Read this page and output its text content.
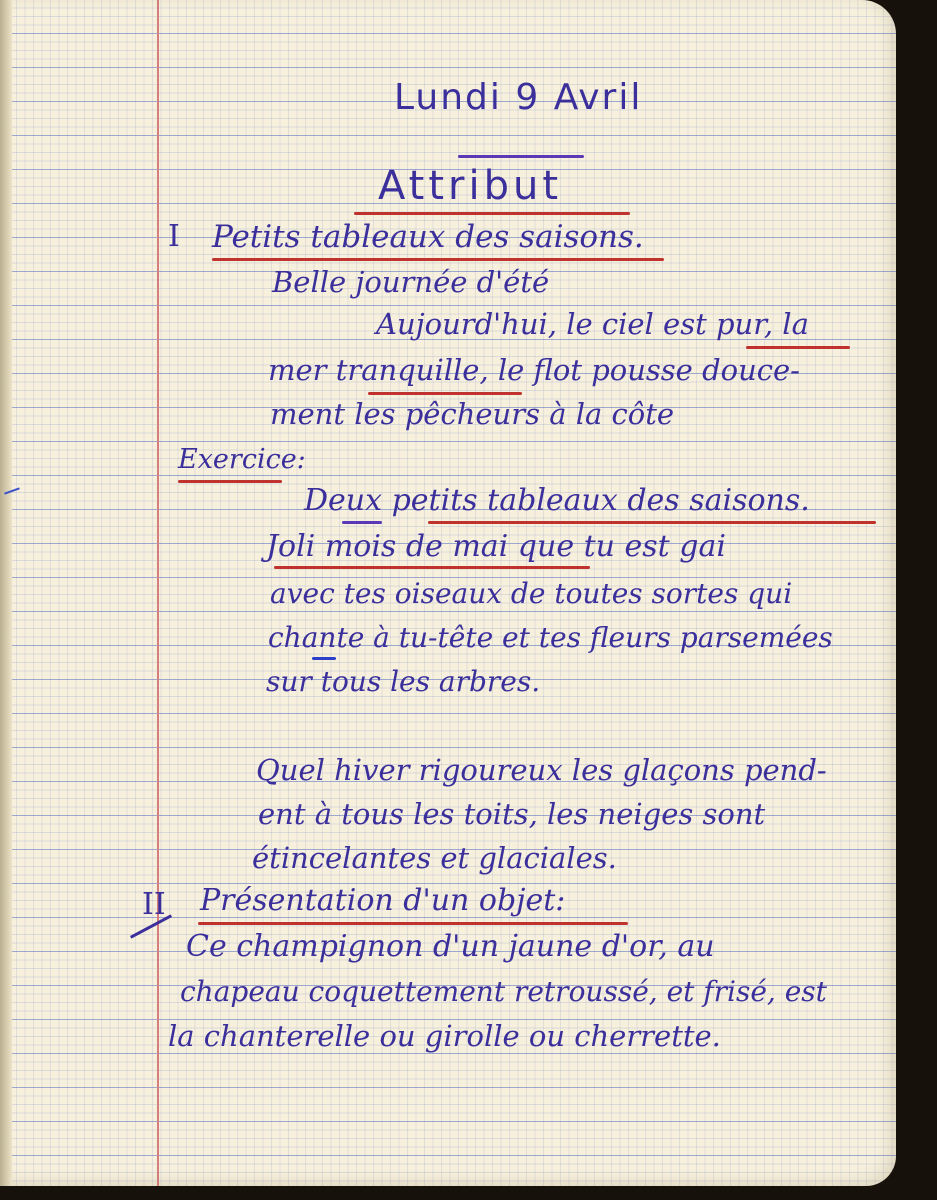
Lundi 9 Avril
Attribut
I Petits tableaux des saisons.
Belle journée d'été
Aujourd'hui, le ciel est pur, la
mer tranquille, le flot pousse douce-
ment les pêcheurs à la côte
Exercice:
Deux petits tableaux des saisons.
Joli mois de mai que tu est gai
avec tes oiseaux de toutes sortes qui
chante à tu-tête et tes fleurs parsemées
sur tous les arbres.
Quel hiver rigoureux les glaçons pend-
ent à tous les toits, les neiges sont
étincelantes et glaciales.
II Présentation d'un objet:
Ce champignon d'un jaune d'or, au
chapeau coquettement retroussé, et frisé, est
la chanterelle ou girolle ou cherrette.
